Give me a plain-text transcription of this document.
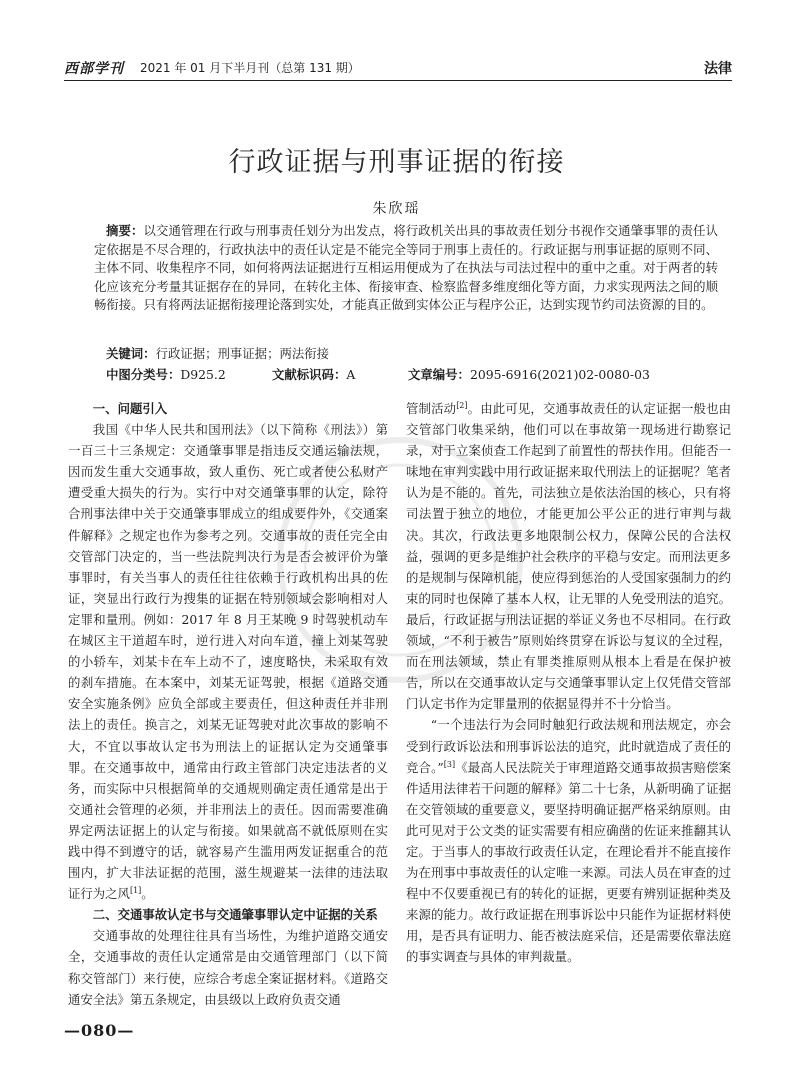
西部学刊 2021 年 01 月下半月刊（总第 131 期）	法律
行政证据与刑事证据的衔接
朱欣瑶
摘要：以交通管理在行政与刑事责任划分为出发点，将行政机关出具的事故责任划分书视作交通肇事罪的责任认定依据是不尽合理的，行政执法中的责任认定是不能完全等同于刑事上责任的。行政证据与刑事证据的原则不同、主体不同、收集程序不同，如何将两法证据进行互相运用便成为了在执法与司法过程中的重中之重。对于两者的转化应该充分考量其证据存在的异同，在转化主体、衔接审查、检察监督多维度细化等方面，力求实现两法之间的顺畅衔接。只有将两法证据衔接理论落到实处，才能真正做到实体公正与程序公正，达到实现节约司法资源的目的。
关键词：行政证据；刑事证据；两法衔接
中图分类号：D925.2	文献标识码：A	文章编号：2095-6916(2021)02-0080-03
一、问题引入

我国《中华人民共和国刑法》（以下简称《刑法》）第一百三十三条规定：交通肇事罪是指违反交通运输法规，因而发生重大交通事故，致人重伤、死亡或者使公私财产遭受重大损失的行为。实行中对交通肇事罪的认定，除符合刑事法律中关于交通肇事罪成立的组成要件外，《交通案件解释》之规定也作为参考之列。交通事故的责任完全由交管部门决定的，当一些法院判决行为是否会被评价为肇事罪时，有关当事人的责任往往依赖于行政机构出具的佐证，突显出行政行为搜集的证据在特别领域会影响相对人定罪和量刑。例如：2017 年 8 月王某晚 9 时驾驶机动车在城区主干道超车时，逆行进入对向车道，撞上刘某驾驶的小轿车，刘某卡在车上动不了，速度略快，未采取有效的刹车措施。在本案中，刘某无证驾驶，根据《道路交通安全实施条例》应负全部或主要责任，但这种责任并非刑法上的责任。换言之，刘某无证驾驶对此次事故的影响不大，不宜以事故认定书为刑法上的证据认定为交通肇事罪。在交通事故中，通常由行政主管部门决定违法者的义务，而实际中只根据简单的交通规则确定责任通常是出于交通社会管理的必须，并非刑法上的责任。因而需要准确界定两法证据上的认定与衔接。如果就高不就低原则在实践中得不到遵守的话，就容易产生滥用两发证据重合的范围内，扩大非法证据的范围，滋生规避某一法律的违法取证行为之风[1]。

二、交通事故认定书与交通肇事罪认定中证据的关系

交通事故的处理往往具有当场性，为维护道路交通安全，交通事故的责任认定通常是由交通管理部门（以下简称交管部门）来行使，应综合考虑全案证据材料。《道路交通安全法》第五条规定，由县级以上政府负责交通

管制活动[2]。由此可见，交通事故责任的认定证据一般也由交管部门收集采纳，他们可以在事故第一现场进行勘察记录，对于立案侦查工作起到了前置性的帮扶作用。但能否一味地在审判实践中用行政证据来取代刑法上的证据呢？笔者认为是不能的。首先，司法独立是依法治国的核心，只有将司法置于独立的地位，才能更加公平公正的进行审判与裁决。其次，行政法更多地限制公权力，保障公民的合法权益，强调的更多是维护社会秩序的平稳与安定。而刑法更多的是规制与保障机能，使应得到惩治的人受国家强制力的约束的同时也保障了基本人权，让无罪的人免受刑法的追究。最后，行政证据与刑法证据的举证义务也不尽相同。在行政领域，“不利于被告”原则始终贯穿在诉讼与复议的全过程，而在刑法领域，禁止有罪类推原则从根本上看是在保护被告，所以在交通事故认定与交通肇事罪认定上仅凭借交管部门认定书作为定罪量刑的依据显得并不十分恰当。

“一个违法行为会同时触犯行政法规和刑法规定，亦会受到行政诉讼法和刑事诉讼法的追究，此时就造成了责任的竞合。”[3]《最高人民法院关于审理道路交通事故损害赔偿案件适用法律若干问题的解释》第二十七条，从新明确了证据在交管领域的重要意义，要坚持明确证据严格采纳原则。由此可见对于公文类的证实需要有相应确凿的佐证来推翻其认定。于当事人的事故行政责任认定，在理论看并不能直接作为在刑事中事故责任的认定唯一来源。司法人员在审查的过程中不仅要重视已有的转化的证据，更要有辨别证据种类及来源的能力。故行政证据在刑事诉讼中只能作为证据材料使用，是否具有证明力、能否被法庭采信，还是需要依靠法庭的事实调查与具体的审判裁量。

—080—
